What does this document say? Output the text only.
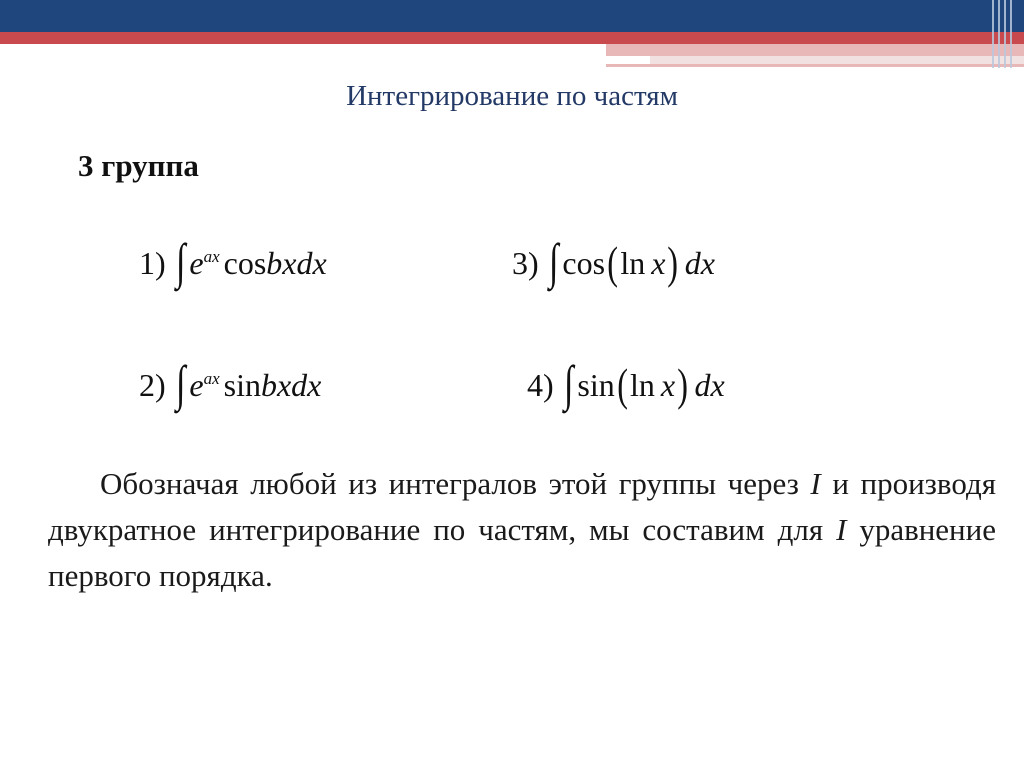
Интегрирование по частям
3 группа
1) ∫ $e^{ax}$ cos bxdx
2) ∫ $e^{ax}$ sin bxdx
3) ∫ cos ( ln x ) dx
4) ∫ sin ( ln x ) dx
Обозначая любой из интегралов этой группы через I и производя двукратное интегрирование по частям, мы составим для I уравнение первого порядка.
